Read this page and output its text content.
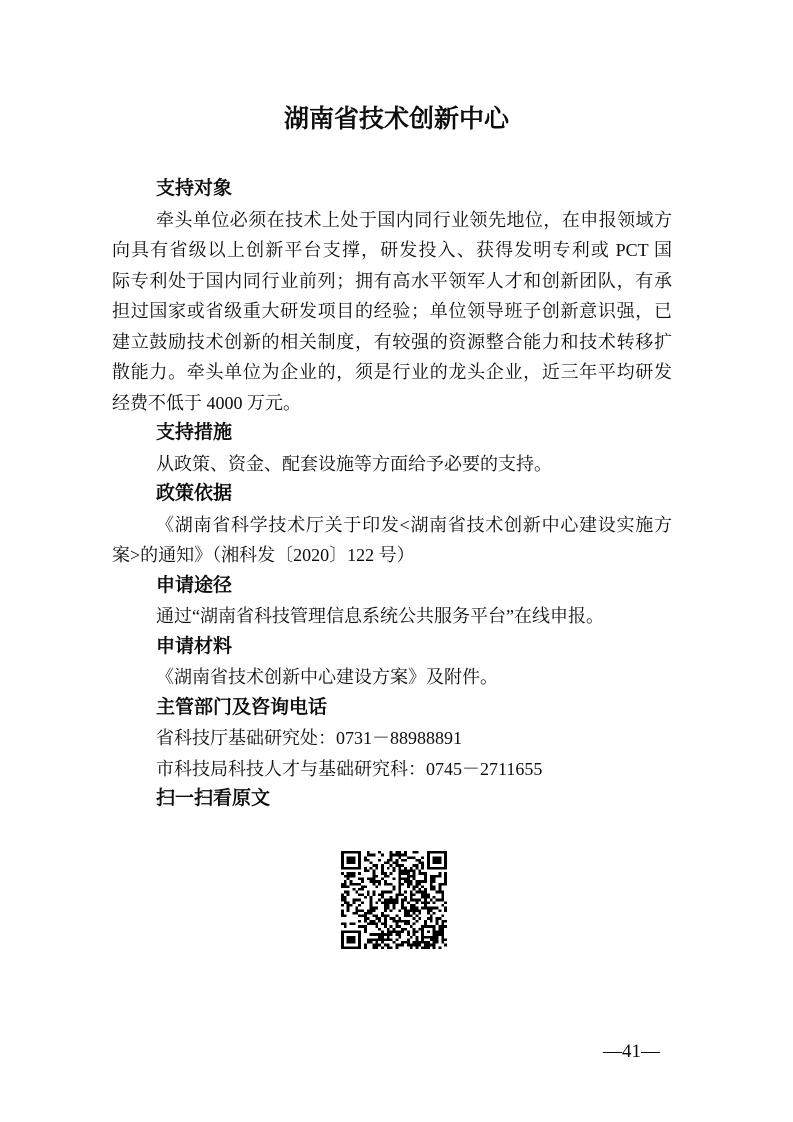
湖南省技术创新中心
支持对象
牵头单位必须在技术上处于国内同行业领先地位，在申报领域方
向具有省级以上创新平台支撑，研发投入、获得发明专利或 PCT 国
际专利处于国内同行业前列；拥有高水平领军人才和创新团队，有承
担过国家或省级重大研发项目的经验；单位领导班子创新意识强，已
建立鼓励技术创新的相关制度，有较强的资源整合能力和技术转移扩
散能力。牵头单位为企业的，须是行业的龙头企业，近三年平均研发
经费不低于 4000 万元。
支持措施
从政策、资金、配套设施等方面给予必要的支持。
政策依据
《湖南省科学技术厅关于印发<湖南省技术创新中心建设实施方
案>的通知》（湘科发〔2020〕122 号）
申请途径
通过“湖南省科技管理信息系统公共服务平台”在线申报。
申请材料
《湖南省技术创新中心建设方案》及附件。
主管部门及咨询电话
省科技厅基础研究处：0731－88988891
市科技局科技人才与基础研究科：0745－2711655
扫一扫看原文
—41—
